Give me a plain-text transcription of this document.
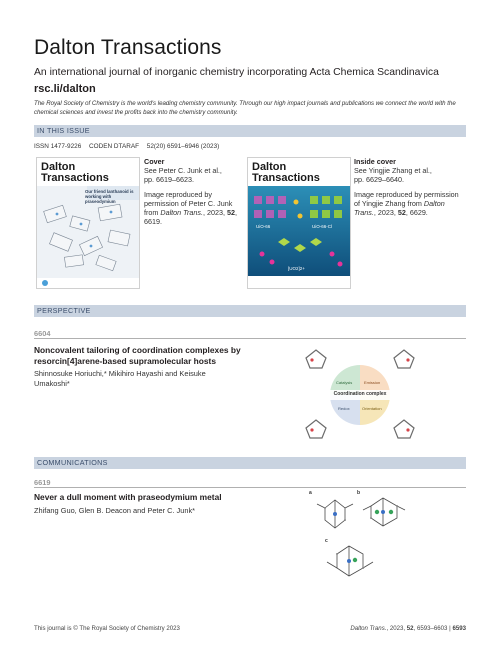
Dalton Transactions
An international journal of inorganic chemistry incorporating Acta Chemica Scandinavica
rsc.li/dalton
The Royal Society of Chemistry is the world's leading chemistry community. Through our high impact journals and publications we connect the world with the chemical sciences and invest the profits back into the chemistry community.
IN THIS ISSUE
ISSN 1477-9226 CODEN DTARAF 52(20) 6591–6946 (2023)
Dalton Transactions
Our friend lanthanoid is working with praseodymium
Cover
See Peter C. Junk et al.,
pp. 6619–6623.
Image reproduced by permission of Peter C. Junk from Dalton Trans., 2023, 52, 6619.
Dalton Transactions
UiO-66	UiO-66-Cl
[UO2]2+
Inside cover
See Yingjie Zhang et al.,
pp. 6629–6640.
Image reproduced by permission of Yingjie Zhang from Dalton Trans., 2023, 52, 6629.
PERSPECTIVE
6604
Noncovalent tailoring of coordination complexes by resorcin[4]arene-based supramolecular hosts
Shinnosuke Horiuchi,* Mikihiro Hayashi and Keisuke Umakoshi*
Coordination complex
Catalysis	Emission
Redox	Orientation
COMMUNICATIONS
6619
Never a dull moment with praseodymium metal
Zhifang Guo, Glen B. Deacon and Peter C. Junk*
a	b
c
This journal is © The Royal Society of Chemistry 2023	Dalton Trans., 2023, 52, 6593–6603 | 6593
